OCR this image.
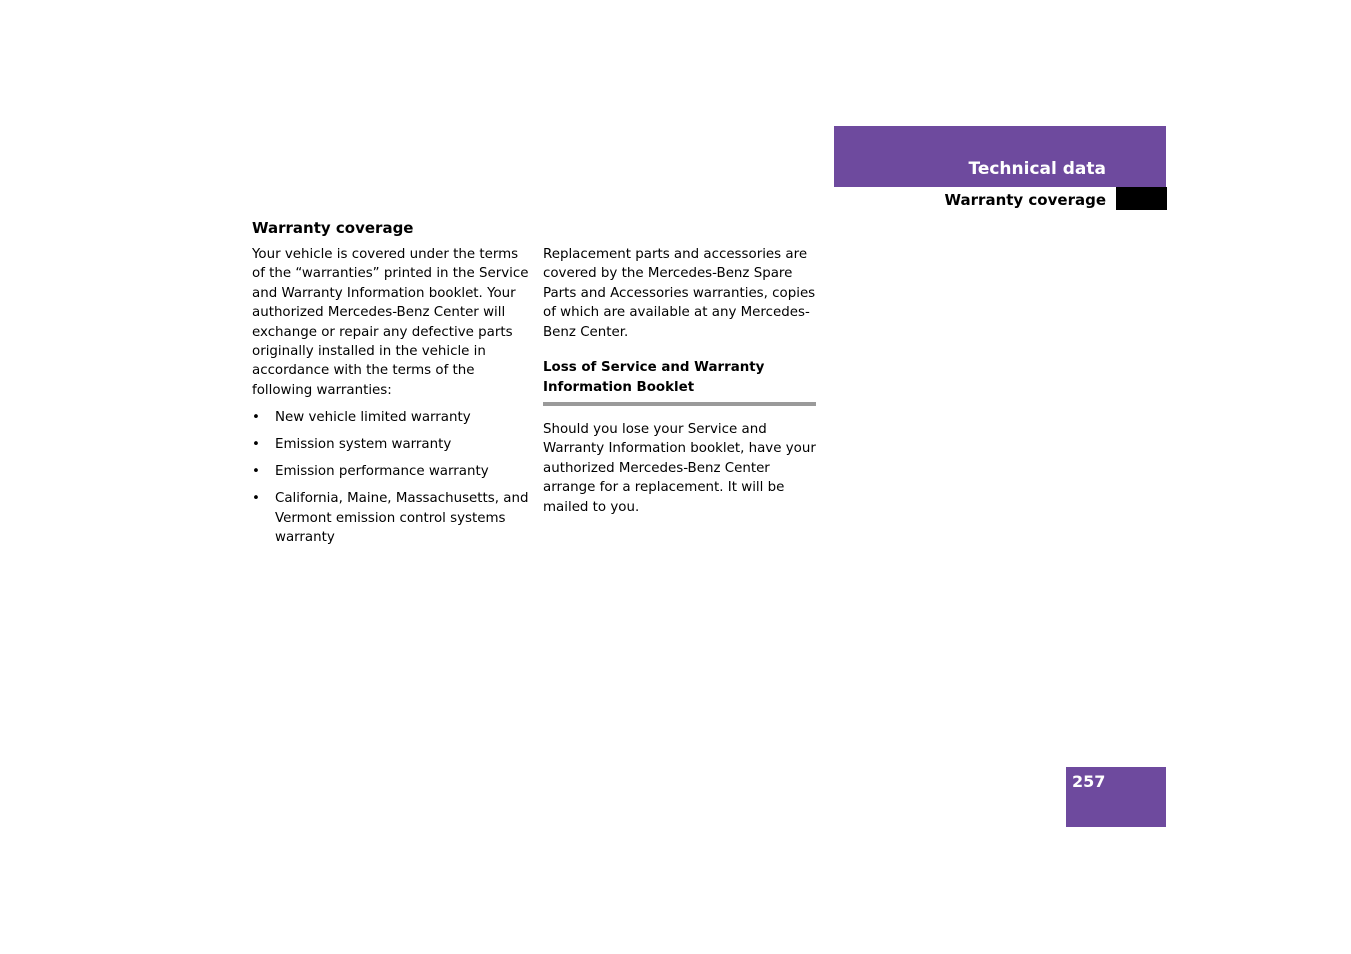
Technical data
Warranty coverage
Warranty coverage

Your vehicle is covered under the terms of the “warranties” printed in the Service and Warranty Information booklet. Your authorized Mercedes-Benz Center will exchange or repair any defective parts originally installed in the vehicle in accordance with the terms of the following warranties:

• New vehicle limited warranty
• Emission system warranty
• Emission performance warranty
• California, Maine, Massachusetts, and Vermont emission control systems warranty

Replacement parts and accessories are covered by the Mercedes-Benz Spare Parts and Accessories warranties, copies of which are available at any Mercedes-Benz Center.

Loss of Service and Warranty Information Booklet

Should you lose your Service and Warranty Information booklet, have your authorized Mercedes-Benz Center arrange for a replacement. It will be mailed to you.

257
